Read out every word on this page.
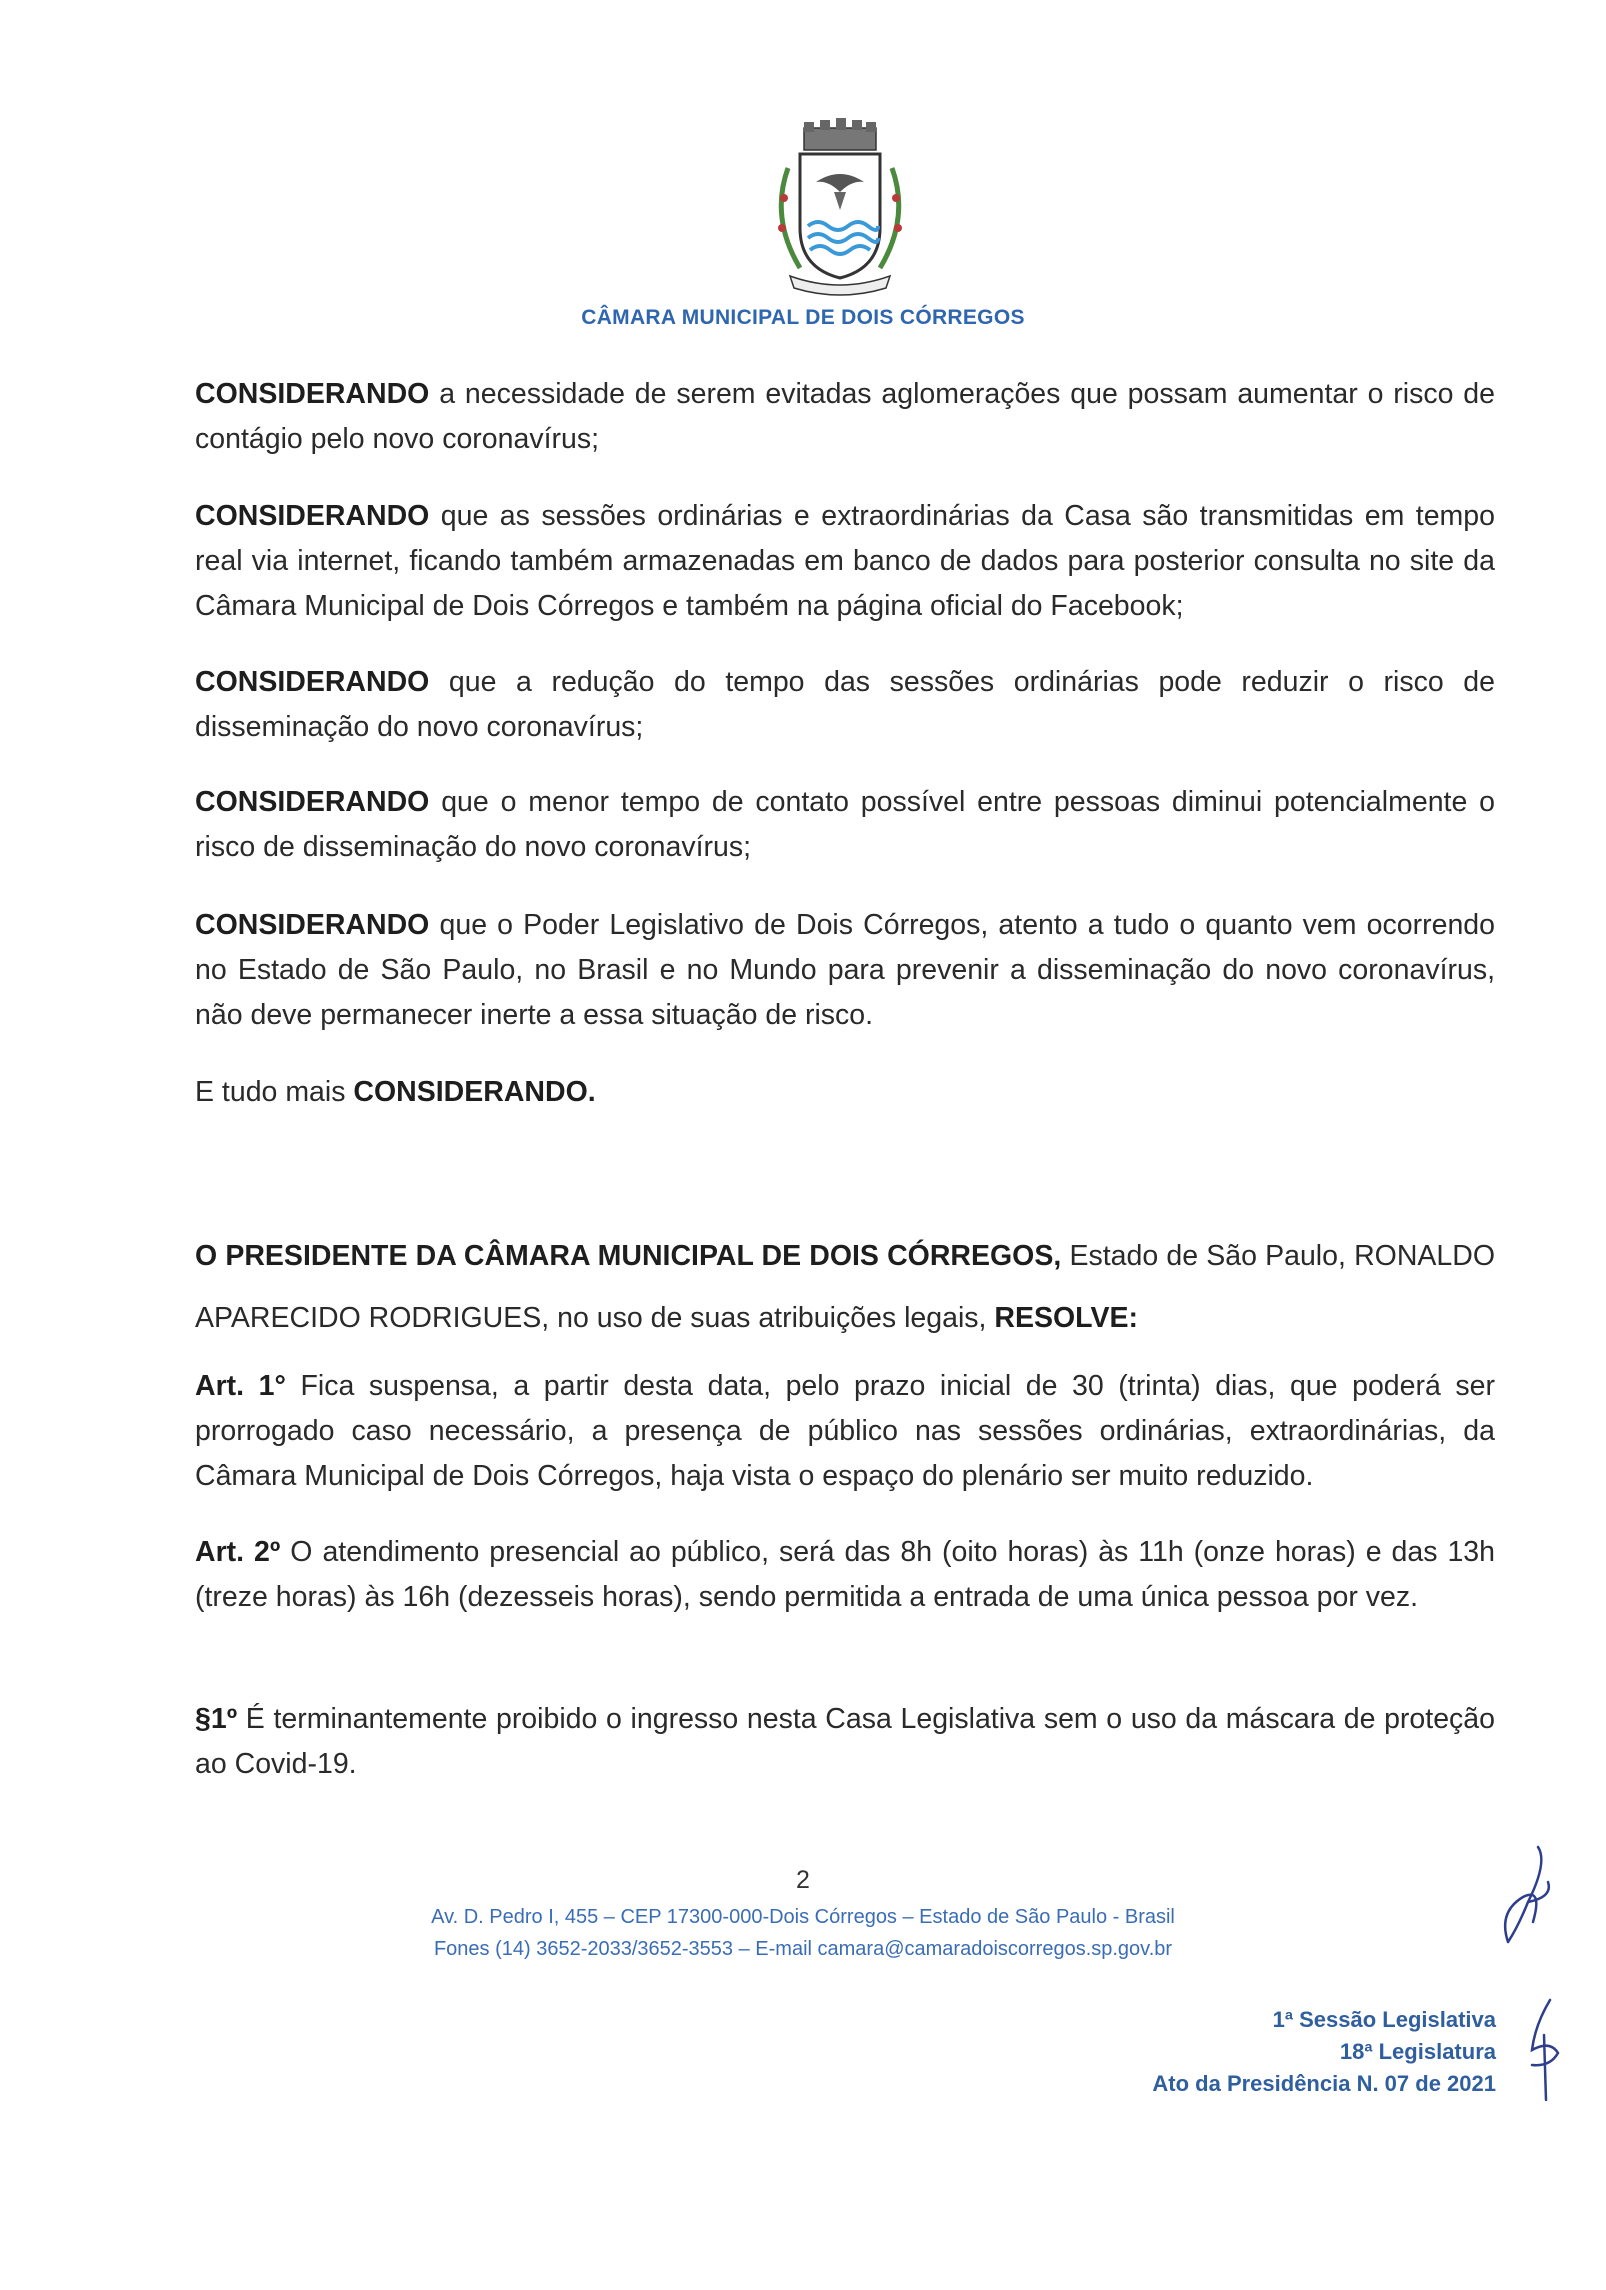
CÂMARA MUNICIPAL DE DOIS CÓRREGOS

CONSIDERANDO a necessidade de serem evitadas aglomerações que possam aumentar o risco de contágio pelo novo coronavírus;

CONSIDERANDO que as sessões ordinárias e extraordinárias da Casa são transmitidas em tempo real via internet, ficando também armazenadas em banco de dados para posterior consulta no site da Câmara Municipal de Dois Córregos e também na página oficial do Facebook;

CONSIDERANDO que a redução do tempo das sessões ordinárias pode reduzir o risco de disseminação do novo coronavírus;

CONSIDERANDO que o menor tempo de contato possível entre pessoas diminui potencialmente o risco de disseminação do novo coronavírus;

CONSIDERANDO que o Poder Legislativo de Dois Córregos, atento a tudo o quanto vem ocorrendo no Estado de São Paulo, no Brasil e no Mundo para prevenir a disseminação do novo coronavírus, não deve permanecer inerte a essa situação de risco.

E tudo mais CONSIDERANDO.

O PRESIDENTE DA CÂMARA MUNICIPAL DE DOIS CÓRREGOS, Estado de São Paulo, RONALDO APARECIDO RODRIGUES, no uso de suas atribuições legais, RESOLVE:

Art. 1° Fica suspensa, a partir desta data, pelo prazo inicial de 30 (trinta) dias, que poderá ser prorrogado caso necessário, a presença de público nas sessões ordinárias, extraordinárias, da Câmara Municipal de Dois Córregos, haja vista o espaço do plenário ser muito reduzido.

Art. 2º O atendimento presencial ao público, será das 8h (oito horas) às 11h (onze horas) e das 13h (treze horas) às 16h (dezesseis horas), sendo permitida a entrada de uma única pessoa por vez.

§1º É terminantemente proibido o ingresso nesta Casa Legislativa sem o uso da máscara de proteção ao Covid-19.

2
Av. D. Pedro I, 455 – CEP 17300-000-Dois Córregos – Estado de São Paulo - Brasil
Fones (14) 3652-2033/3652-3553 – E-mail camara@camaradoiscorregos.sp.gov.br
1ª Sessão Legislativa
18ª Legislatura
Ato da Presidência N. 07 de 2021
